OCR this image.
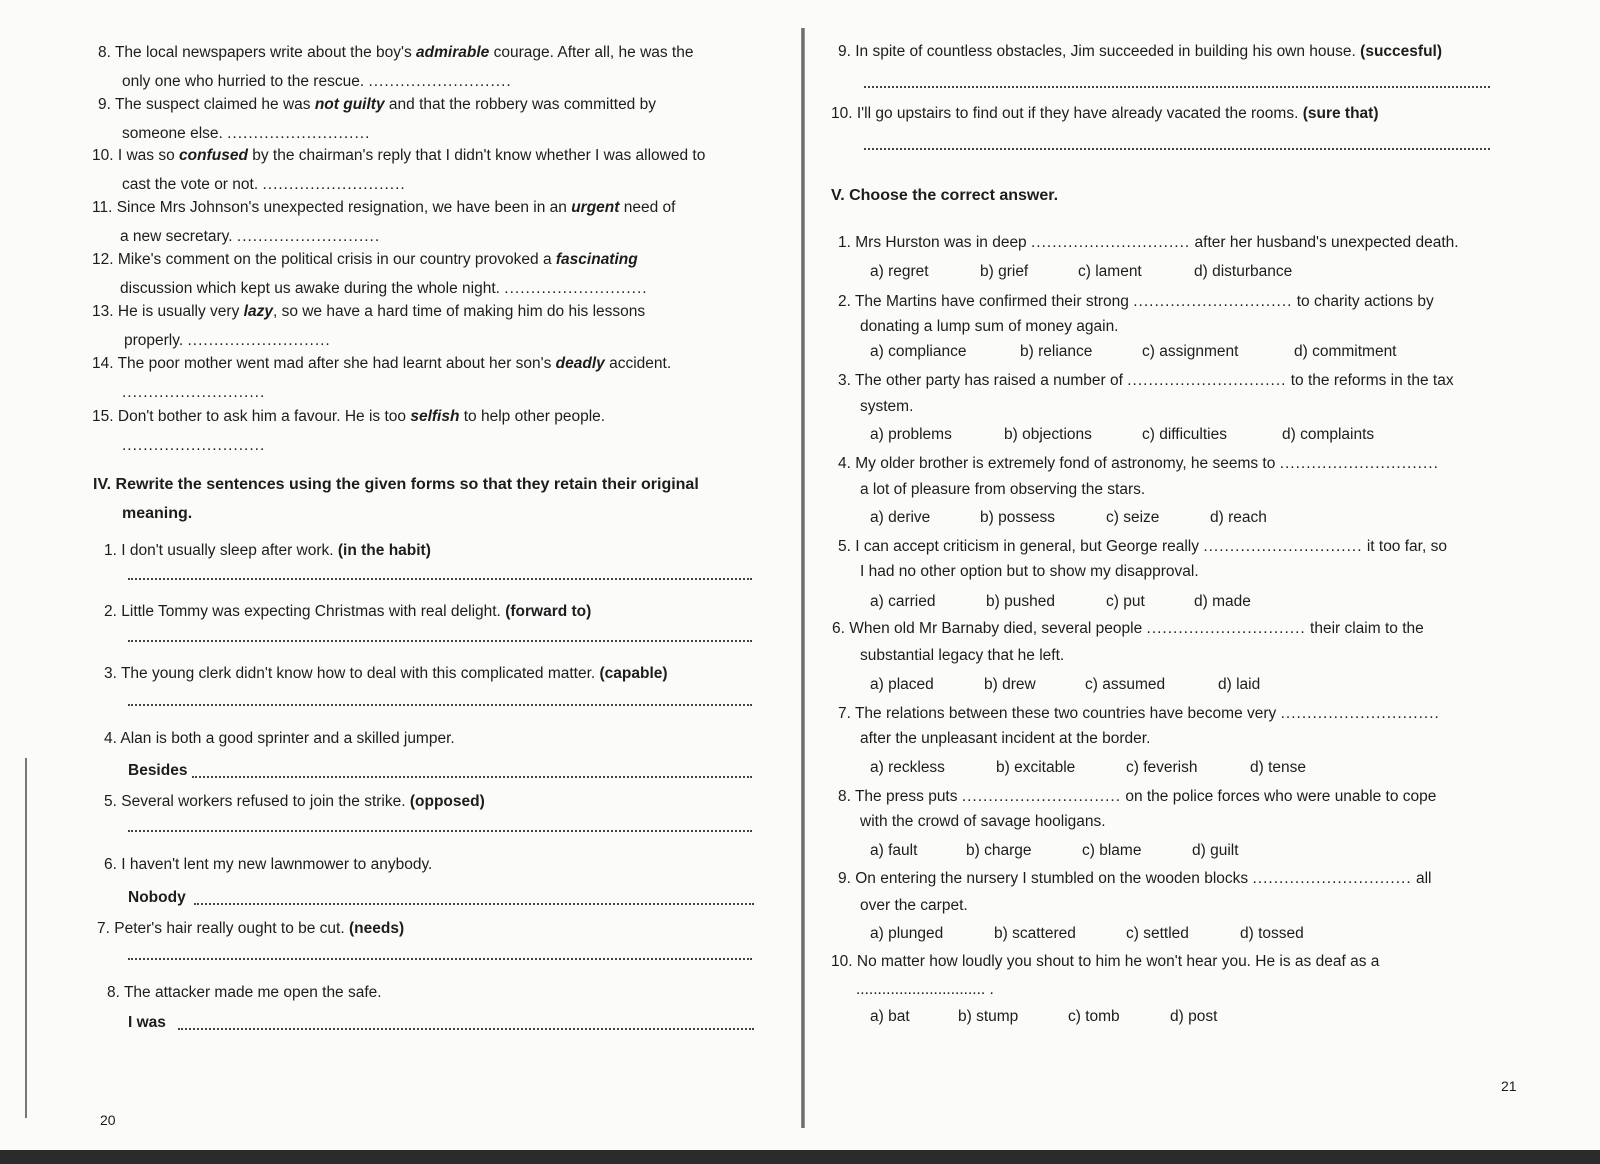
8. The local newspapers write about the boy's admirable courage. After all, he was the
only one who hurried to the rescue. ...........................
9. The suspect claimed he was not guilty and that the robbery was committed by
someone else. ...........................
10. I was so confused by the chairman's reply that I didn't know whether I was allowed to
cast the vote or not. ...........................
11. Since Mrs Johnson's unexpected resignation, we have been in an urgent need of
a new secretary. ...........................
12. Mike's comment on the political crisis in our country provoked a fascinating
discussion which kept us awake during the whole night. ...........................
13. He is usually very lazy, so we have a hard time of making him do his lessons
properly. ...........................
14. The poor mother went mad after she had learnt about her son's deadly accident.
...........................
15. Don't bother to ask him a favour. He is too selfish to help other people.
...........................
IV. Rewrite the sentences using the given forms so that they retain their original
meaning.
1. I don't usually sleep after work. (in the habit)
2. Little Tommy was expecting Christmas with real delight. (forward to)
3. The young clerk didn't know how to deal with this complicated matter. (capable)
4. Alan is both a good sprinter and a skilled jumper.
Besides
5. Several workers refused to join the strike. (opposed)
6. I haven't lent my new lawnmower to anybody.
Nobody
7. Peter's hair really ought to be cut. (needs)
8. The attacker made me open the safe.
I was
20
9. In spite of countless obstacles, Jim succeeded in building his own house. (succesful)
10. I'll go upstairs to find out if they have already vacated the rooms. (sure that)
V. Choose the correct answer.
1. Mrs Hurston was in deep .............................. after her husband's unexpected death.
a) regret	b) grief	c) lament	d) disturbance
2. The Martins have confirmed their strong .............................. to charity actions by
donating a lump sum of money again.
a) compliance	b) reliance	c) assignment	d) commitment
3. The other party has raised a number of .............................. to the reforms in the tax
system.
a) problems	b) objections	c) difficulties	d) complaints
4. My older brother is extremely fond of astronomy, he seems to ..............................
a lot of pleasure from observing the stars.
a) derive	b) possess	c) seize	d) reach
5. I can accept criticism in general, but George really .............................. it too far, so
I had no other option but to show my disapproval.
a) carried	b) pushed	c) put	d) made
6. When old Mr Barnaby died, several people .............................. their claim to the
substantial legacy that he left.
a) placed	b) drew	c) assumed	d) laid
7. The relations between these two countries have become very ..............................
after the unpleasant incident at the border.
a) reckless	b) excitable	c) feverish	d) tense
8. The press puts .............................. on the police forces who were unable to cope
with the crowd of savage hooligans.
a) fault	b) charge	c) blame	d) guilt
9. On entering the nursery I stumbled on the wooden blocks .............................. all
over the carpet.
a) plunged	b) scattered	c) settled	d) tossed
10. No matter how loudly you shout to him he won't hear you. He is as deaf as a
.............................. .
a) bat	b) stump	c) tomb	d) post
21
